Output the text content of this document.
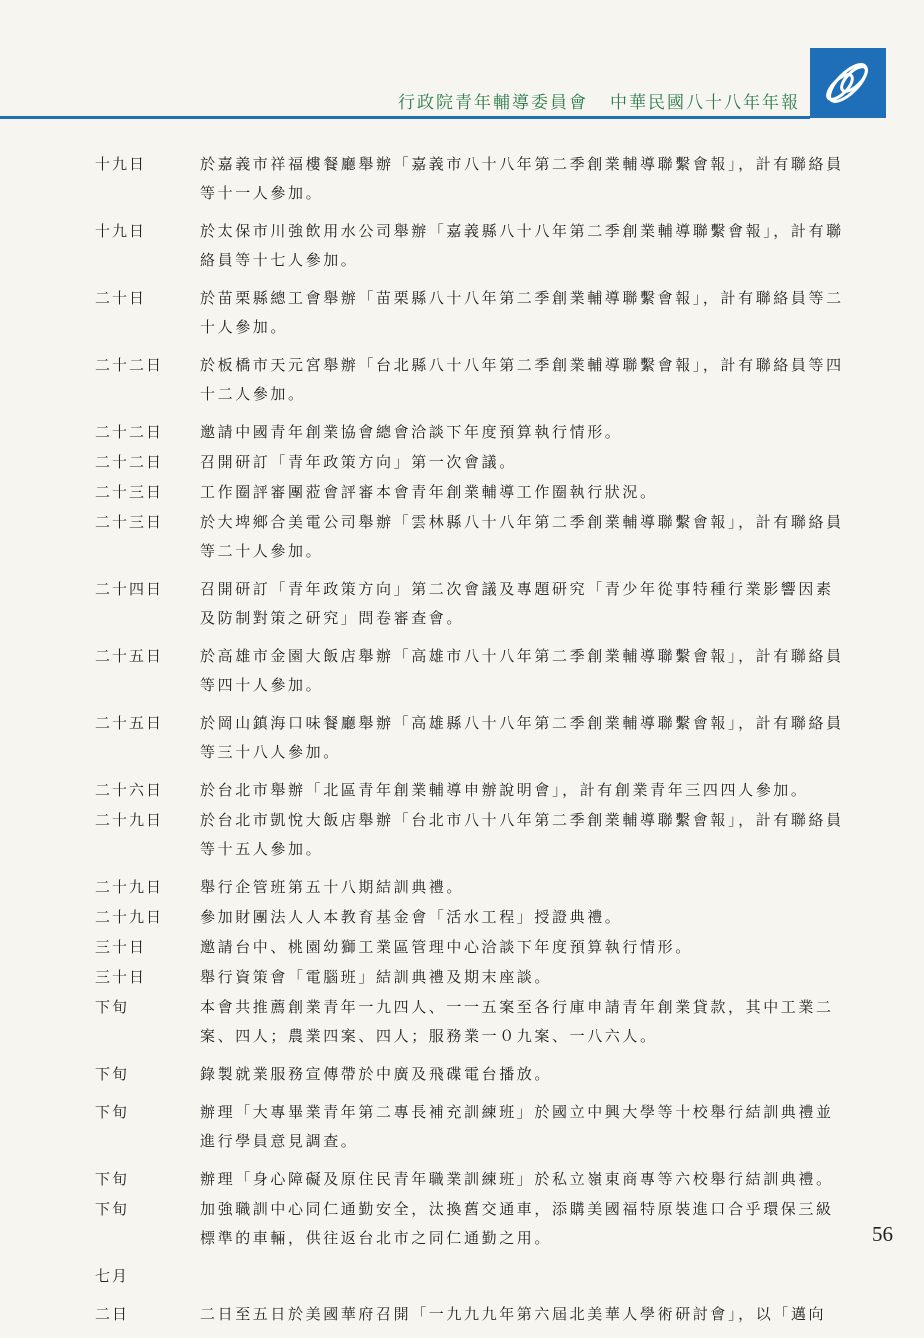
行政院青年輔導委員會 中華民國八十八年年報
十九日	於嘉義市祥福樓餐廳舉辦「嘉義市八十八年第二季創業輔導聯繫會報」，計有聯絡員等十一人參加。
十九日	於太保市川強飲用水公司舉辦「嘉義縣八十八年第二季創業輔導聯繫會報」，計有聯絡員等十七人參加。
二十日	於苗栗縣總工會舉辦「苗栗縣八十八年第二季創業輔導聯繫會報」，計有聯絡員等二十人參加。
二十二日	於板橋市天元宮舉辦「台北縣八十八年第二季創業輔導聯繫會報」，計有聯絡員等四十二人參加。
二十二日	邀請中國青年創業協會總會洽談下年度預算執行情形。
二十二日	召開研訂「青年政策方向」第一次會議。
二十三日	工作圈評審團蒞會評審本會青年創業輔導工作圈執行狀況。
二十三日	於大埤鄉合美電公司舉辦「雲林縣八十八年第二季創業輔導聯繫會報」，計有聯絡員等二十人參加。
二十四日	召開研訂「青年政策方向」第二次會議及專題研究「青少年從事特種行業影響因素及防制對策之研究」問卷審查會。
二十五日	於高雄市金園大飯店舉辦「高雄市八十八年第二季創業輔導聯繫會報」，計有聯絡員等四十人參加。
二十五日	於岡山鎮海口味餐廳舉辦「高雄縣八十八年第二季創業輔導聯繫會報」，計有聯絡員等三十八人參加。
二十六日	於台北市舉辦「北區青年創業輔導申辦說明會」，計有創業青年三四四人參加。
二十九日	於台北市凱悅大飯店舉辦「台北市八十八年第二季創業輔導聯繫會報」，計有聯絡員等十五人參加。
二十九日	舉行企管班第五十八期結訓典禮。
二十九日	參加財團法人人本教育基金會「活水工程」授證典禮。
三十日	邀請台中、桃園幼獅工業區管理中心洽談下年度預算執行情形。
三十日	舉行資策會「電腦班」結訓典禮及期末座談。
下旬	本會共推薦創業青年一九四人、一一五案至各行庫申請青年創業貸款，其中工業二案、四人；農業四案、四人；服務業一０九案、一八六人。
下旬	錄製就業服務宣傳帶於中廣及飛碟電台播放。
下旬	辦理「大專畢業青年第二專長補充訓練班」於國立中興大學等十校舉行結訓典禮並進行學員意見調查。
下旬	辦理「身心障礙及原住民青年職業訓練班」於私立嶺東商專等六校舉行結訓典禮。
下旬	加強職訓中心同仁通勤安全，汰換舊交通車，添購美國福特原裝進口合乎環保三級標準的車輛，供往返台北市之同仁通勤之用。
七月
二日	二日至五日於美國華府召開「一九九九年第六屆北美華人學術研討會」，以「邁向
56
